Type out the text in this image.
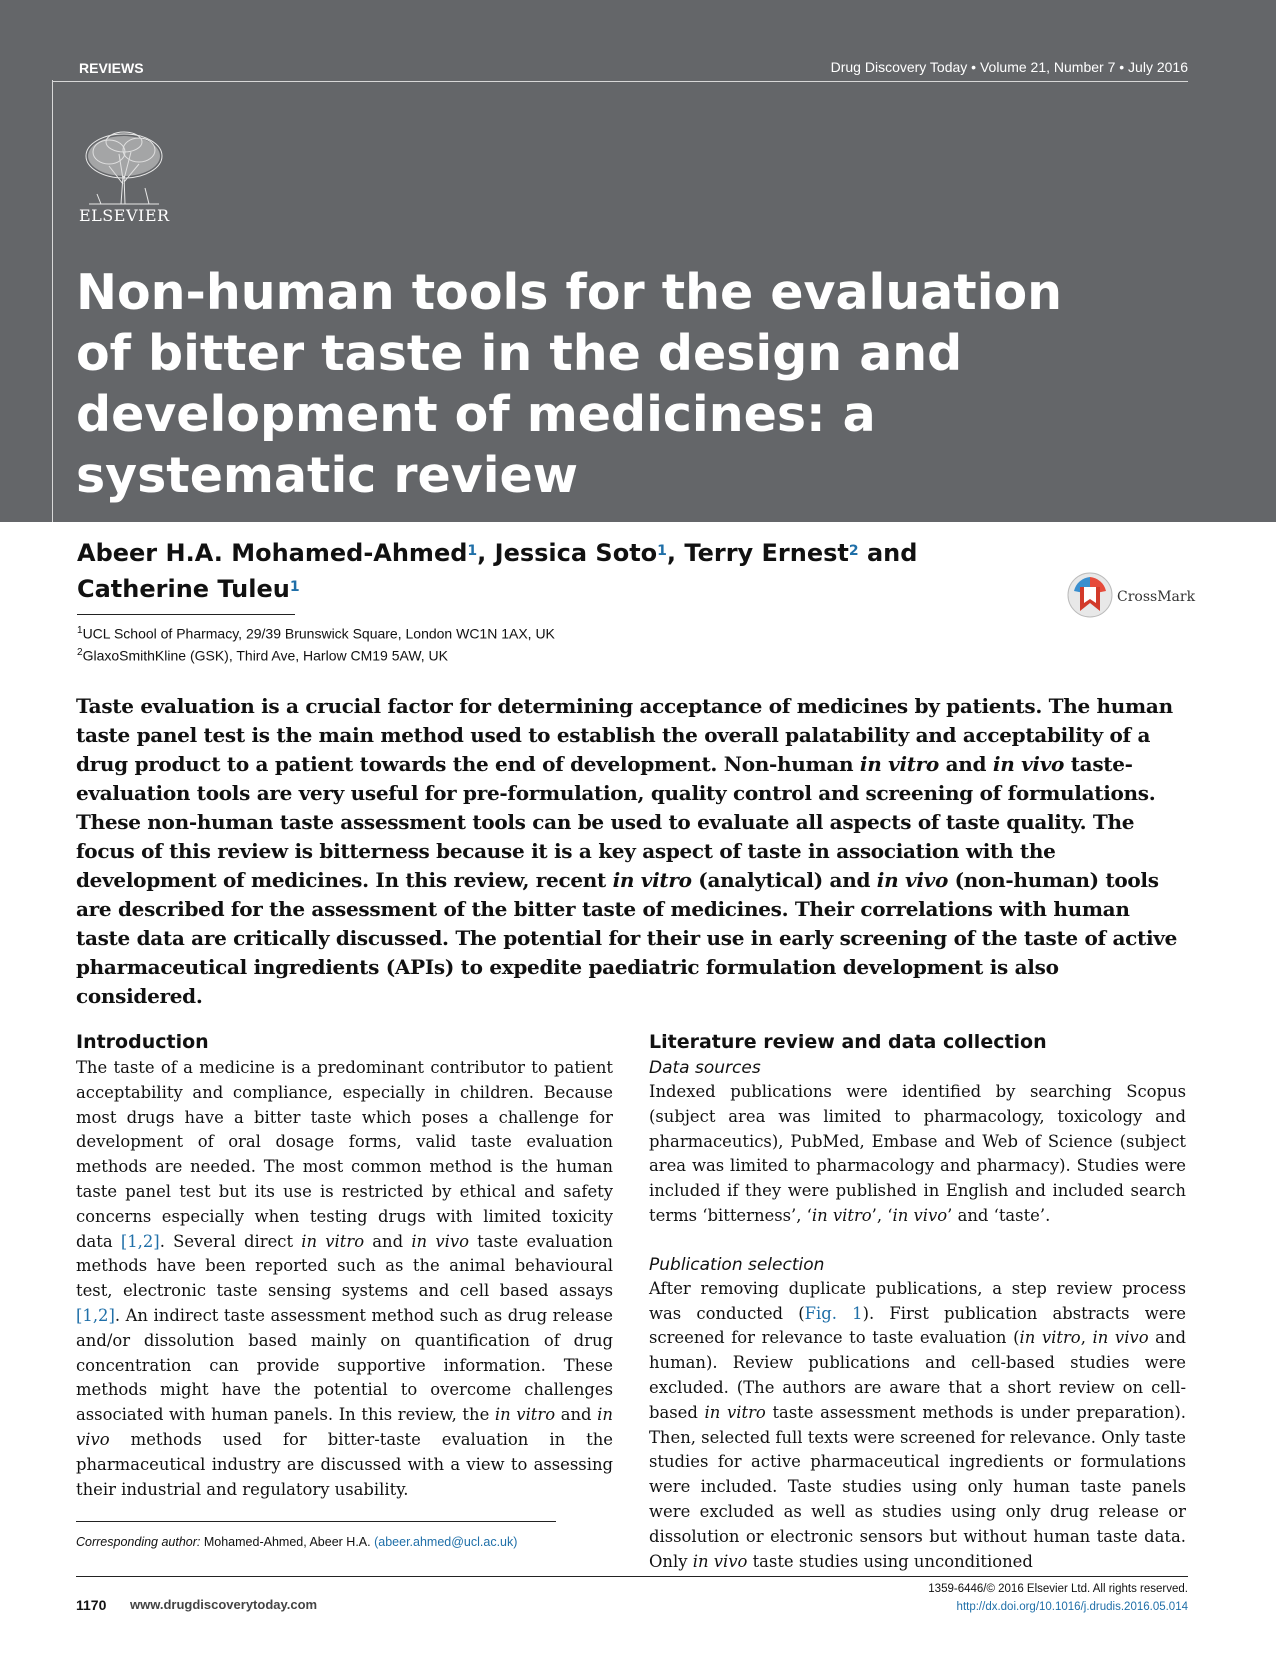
Reviews•POST SCREEN
REVIEWS	Drug Discovery Today • Volume 21, Number 7 • July 2016
ELSEVIER
Non-human tools for the evaluation of bitter taste in the design and development of medicines: a systematic review

Abeer H.A. Mohamed-Ahmed$^1$, Jessica Soto$^1$, Terry Ernest$^2$ and
Catherine Tuleu$^1$

$^1$UCL School of Pharmacy, 29/39 Brunswick Square, London WC1N 1AX, UK
$^2$GlaxoSmithKline (GSK), Third Ave, Harlow CM19 5AW, UK
CrossMark

Taste evaluation is a crucial factor for determining acceptance of medicines by patients. The human taste panel test is the main method used to establish the overall palatability and acceptability of a drug product to a patient towards the end of development. Non-human in vitro and in vivo taste-evaluation tools are very useful for pre-formulation, quality control and screening of formulations. These non-human taste assessment tools can be used to evaluate all aspects of taste quality. The focus of this review is bitterness because it is a key aspect of taste in association with the development of medicines. In this review, recent in vitro (analytical) and in vivo (non-human) tools are described for the assessment of the bitter taste of medicines. Their correlations with human taste data are critically discussed. The potential for their use in early screening of the taste of active pharmaceutical ingredients (APIs) to expedite paediatric formulation development is also considered.

Introduction

The taste of a medicine is a predominant contributor to patient acceptability and compliance, especially in children. Because most drugs have a bitter taste which poses a challenge for development of oral dosage forms, valid taste evaluation methods are needed. The most common method is the human taste panel test but its use is restricted by ethical and safety concerns especially when testing drugs with limited toxicity data [1,2]. Several direct in vitro and in vivo taste evaluation methods have been reported such as the animal behavioural test, electronic taste sensing systems and cell based assays [1,2]. An indirect taste assessment method such as drug release and/or dissolution based mainly on quantification of drug concentration can provide supportive information. These methods might have the potential to overcome challenges associated with human panels. In this review, the in vitro and in vivo methods used for bitter-taste evaluation in the pharmaceutical industry are discussed with a view to assessing their industrial and regulatory usability.

Literature review and data collection
Data sources

Indexed publications were identified by searching Scopus (subject area was limited to pharmacology, toxicology and pharmaceutics), PubMed, Embase and Web of Science (subject area was limited to pharmacology and pharmacy). Studies were included if they were published in English and included search terms ‘bitterness’, ‘in vitro’, ‘in vivo’ and ‘taste’.

Publication selection

After removing duplicate publications, a step review process was conducted (Fig. 1). First publication abstracts were screened for relevance to taste evaluation (in vitro, in vivo and human). Review publications and cell-based studies were excluded. (The authors are aware that a short review on cell-based in vitro taste assessment methods is under preparation). Then, selected full texts were screened for relevance. Only taste studies for active pharmaceutical ingredients or formulations were included. Taste studies using only human taste panels were excluded as well as studies using only drug release or dissolution or electronic sensors but without human taste data. Only in vivo taste studies using unconditioned

Corresponding author: Mohamed-Ahmed, Abeer H.A. (abeer.ahmed@ucl.ac.uk)
1170 www.drugdiscoverytoday.com
1359-6446/© 2016 Elsevier Ltd. All rights reserved.
http://dx.doi.org/10.1016/j.drudis.2016.05.014
